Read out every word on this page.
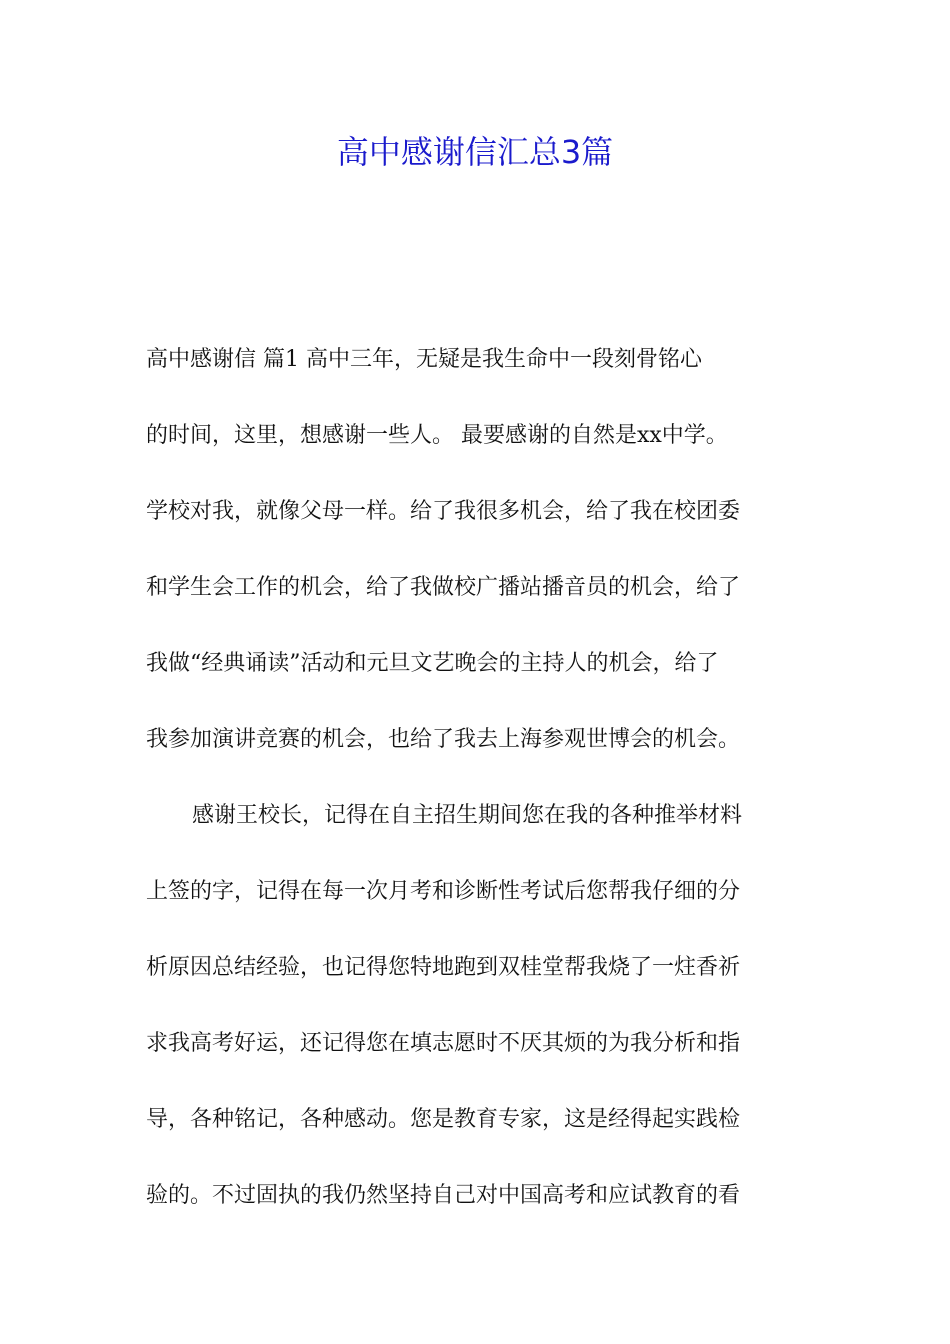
高中感谢信汇总3篇
高中感谢信 篇1 高中三年，无疑是我生命中一段刻骨铭心
的时间，这里，想感谢一些人。 最要感谢的自然是xx中学。
学校对我，就像父母一样。给了我很多机会，给了我在校团委
和学生会工作的机会，给了我做校广播站播音员的机会，给了
我做“经典诵读”活动和元旦文艺晚会的主持人的机会，给了
我参加演讲竞赛的机会，也给了我去上海参观世博会的机会。
感谢王校长，记得在自主招生期间您在我的各种推举材料
上签的字，记得在每一次月考和诊断性考试后您帮我仔细的分
析原因总结经验，也记得您特地跑到双桂堂帮我烧了一炷香祈
求我高考好运，还记得您在填志愿时不厌其烦的为我分析和指
导，各种铭记，各种感动。您是教育专家，这是经得起实践检
验的。不过固执的我仍然坚持自己对中国高考和应试教育的看
